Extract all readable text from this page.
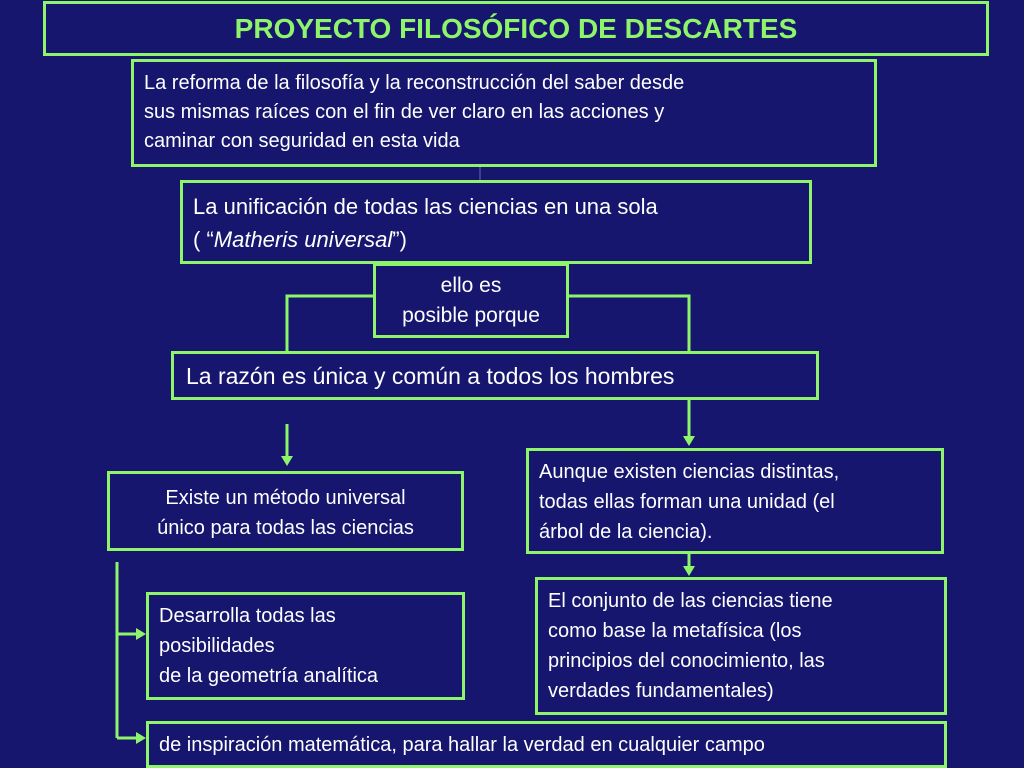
PROYECTO FILOSÓFICO DE DESCARTES
La reforma de la filosofía y la reconstrucción del saber desde
sus mismas raíces con el fin de ver claro en las acciones y
caminar con seguridad en esta vida
La unificación de todas las ciencias en una sola
( “Matheris universal”)
ello es
posible porque
La razón es única y común a todos los hombres
Existe un método universal
único para todas las ciencias
Aunque existen ciencias distintas,
todas ellas forman una unidad (el
árbol de la ciencia).
Desarrolla todas las
posibilidades
de la geometría analítica
El conjunto de las ciencias tiene
como base la metafísica (los
principios del conocimiento, las
verdades fundamentales)
de inspiración matemática, para hallar la verdad en cualquier campo
